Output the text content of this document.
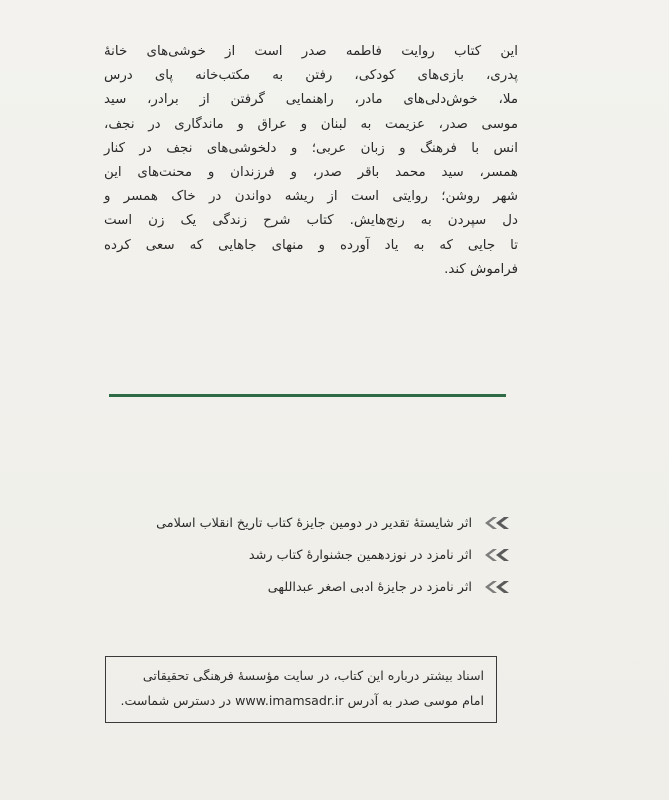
این کتاب روایت فاطمه صدر است از خوشی‌های خانهٔ
پدری، بازی‌های کودکی، رفتن به مکتب‌خانه پای درس
ملا، خوش‌دلی‌های مادر، راهنمایی گرفتن از برادر، سید
موسی صدر، عزیمت به لبنان و عراق و ماندگاری در نجف،
انس با فرهنگ و زبان عربی؛ و دلخوشی‌های نجف در کنار
همسر، سید محمد باقر صدر، و فرزندان و محنت‌های این
شهر روشن؛ روایتی است از ریشه دواندن در خاک همسر و
دل سپردن به رنج‌هایش. کتاب شرح زندگی یک زن است
تا جایی که به یاد آورده و منهای جاهایی که سعی کرده
فراموش کند.
اثر شایستهٔ تقدیر در دومین جایزهٔ کتاب تاریخ انقلاب اسلامی
اثر نامزد در نوزدهمین جشنوارهٔ کتاب رشد
اثر نامزد در جایزهٔ ادبی اصغر عبداللهی
اسناد بیشتر درباره این کتاب، در سایت مؤسسهٔ فرهنگی تحقیقاتی
امام موسی صدر به آدرس www.imamsadr.ir در دسترس شماست.
